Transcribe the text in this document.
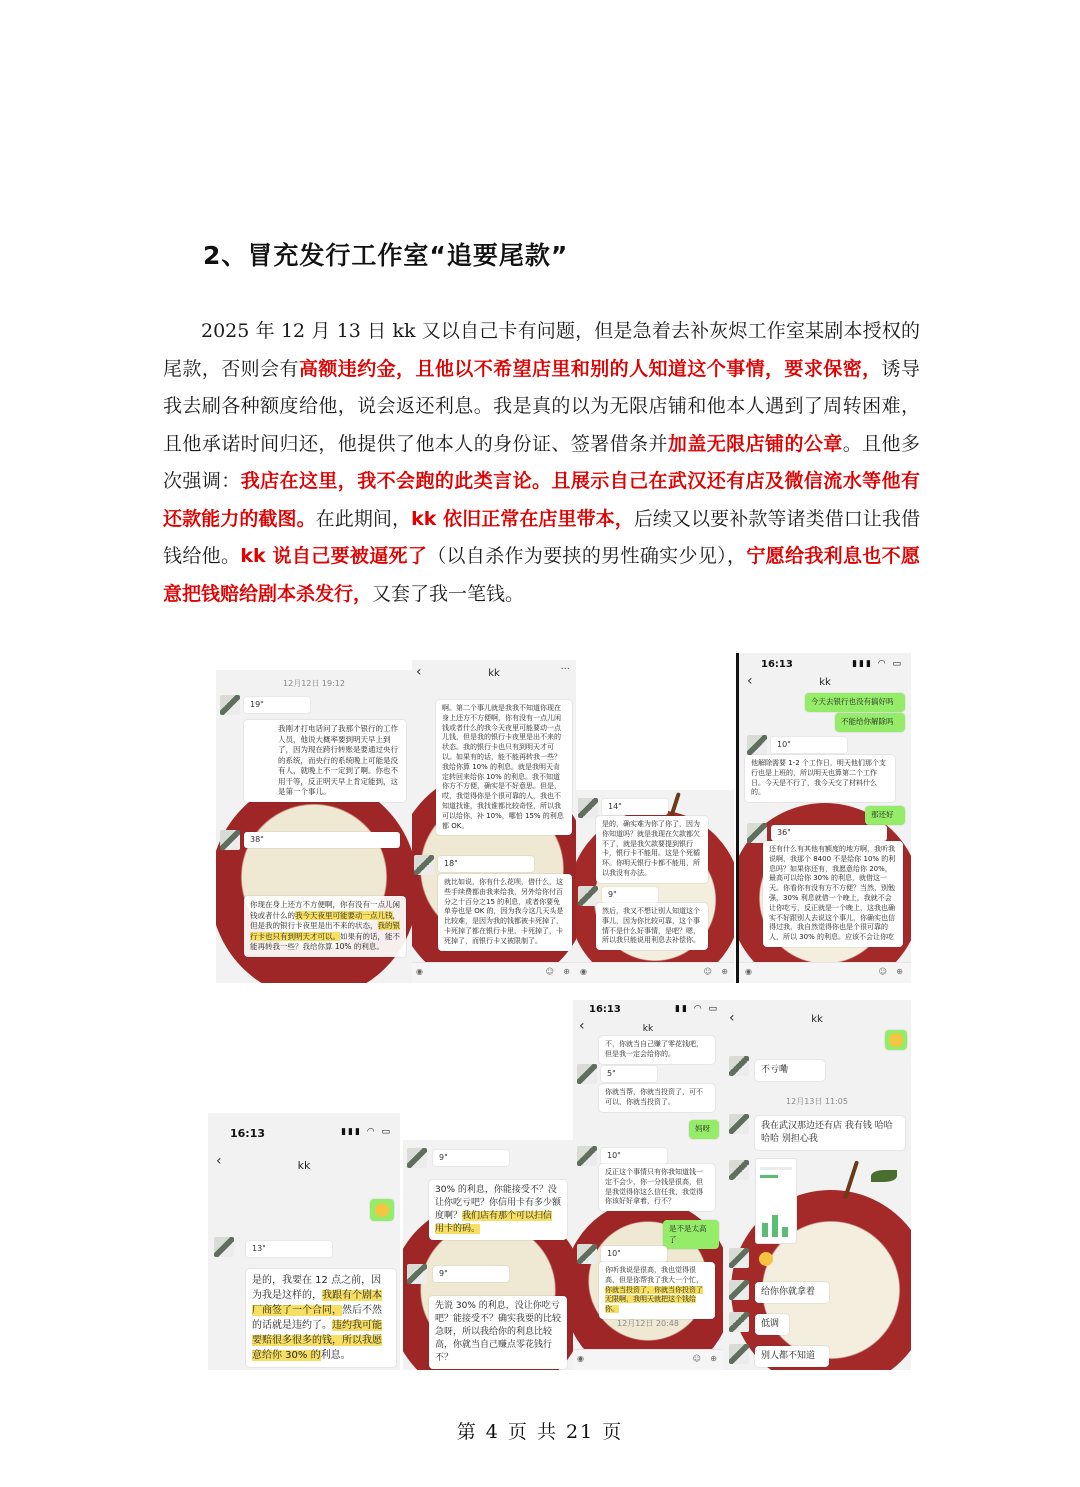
2、冒充发行工作室“追要尾款”

2025 年 12 月 13 日 kk 又以自己卡有问题，但是急着去补灰烬工作室某剧本授权的尾款，否则会有高额违约金，且他以不希望店里和别的人知道这个事情，要求保密，诱导我去刷各种额度给他，说会返还利息。我是真的以为无限店铺和他本人遇到了周转困难，且他承诺时间归还，他提供了他本人的身份证、签署借条并加盖无限店铺的公章。且他多次强调：我店在这里，我不会跑的此类言论。且展示自己在武汉还有店及微信流水等他有还款能力的截图。在此期间，kk 依旧正常在店里带本，后续又以要补款等诸类借口让我借钱给他。kk 说自己要被逼死了（以自杀作为要挟的男性确实少见），宁愿给我利息也不愿意把钱赔给剧本杀发行，又套了我一笔钱。

12月12日 19:12
19"
我刚才打电话问了我那个银行的工作人员，他说大概率要到明天早上到了，因为现在跨行转账是要通过央行的系统，而央行的系统晚上可能是没有人，就晚上不一定到了啊。你也不用干等，反正明天早上肯定能到，这是第一个事儿。
38"
你现在身上还方不方便啊，你有没有一点儿闲钱或者什么的我今天夜里可能要动一点儿钱，但是我的银行卡夜里是出不来的状态，我的银行卡也只有到明天才可以。如果有的话，能不能再转我一些？我给你算 10% 的利息。
‹	kk	···
啊。第二个事儿就是我我不知道你现在身上还方不方便啊，你有没有一点儿闲钱或者什么的我今天夜里可能要动一点儿钱，但是我的银行卡夜里是出不来的状态。我的银行卡也只有到明天才可以。如果有的话，能不能再转我一些？我给你算 10% 的利息。就是我明天肯定转回来给你 10% 的利息。我不知道你方不方便，确实是不好意思。但是，哎，我觉得你是个很可靠的人，我也不知道找谁，我找谁都比较奇怪，所以我可以给你，补 10%，哪怕 15% 的利息都 OK。
18"
就比如说，你有什么花呗，借什么，这些手续费都由我来给我，另外给你付百分之十百分之15 的利息，或者你要免单券也是 OK 的，因为我今这几天头是比较难，是因为我的钱都被卡死掉了，卡死掉了都在银行卡里，卡死掉了，卡死掉了，而银行卡又被限制了。
◉	☺ ⊕
14"
是的，确实难为你了你了，因为你知道吗？就是我现在欠款都欠不了，就是我欠款要提到银行卡，银行卡不能用。这是个死循环。你明天银行卡都不能用，所以我没有办法。
9"
然后，我又不想让别人知道这个事儿，因为你比较可靠，这个事情不是什么好事情，是吧？嗯，所以我只能说用利息去补偿你。
◉	☺ ⊕
16:13	▮▮▮ ◠ ▭
‹	kk
今天去银行也没有搞好吗
不能给你解除吗
10"
他解除需要 1-2 个工作日，明天他们那个支行也是上班的，所以明天也算第二个工作日。今天是不行了，我今天交了材料什么的。
那还好
36"
还有什么有其他有额度的地方啊，我听我说啊，我那个 8400 不是给你 10% 的利息吗？如果你还有，我愿意给你 20%，最高可以给你 30% 的利息，就借这一天。你看你有没有方不方便？当然，别勉强，30% 利息就借一个晚上，我就不会让你吃亏，反正就是一个晚上，这我也确实不好跟别人去说这个事儿，你确实也信得过我，我自然觉得你也是个很可靠的人，所以 30% 的利息。应该不会让你吃
◉	☺ ⊕
16:13	▮▮▮ ◠ ▭
‹	kk
13"
是的，我要在 12 点之前，因为我是这样的，我跟有个剧本厂商签了一个合同，然后不然的话就是违约了。违约我可能要赔很多很多的钱，所以我愿意给你 30% 的利息。
9"
30% 的利息，你能接受不？没让你吃亏吧？你信用卡有多少额度啊？我们店有那个可以扫信用卡的码。
9"
先说 30% 的利息，没让你吃亏吧？能接受不？确实我要的比较急呀，所以我给你的利息比较高，你就当自己赚点零花钱行不？
16:13	▮▮ ◠ ▭
‹	kk
不，你就当自己赚了零花钱吧，但是我一定会给你的。
5"
你就当帮，你就当投资了，可不可以，你就当投资了。
妈呀
10"
反正这个事情只有你我知道钱一定不会少，你一分钱是很高，但是我觉得你这么信任我，我觉得你该好好拿着，行不？
是不是太高了
10"
你听我说是很高，我也觉得很高，但是你帮我了我大一个忙，你就当投资了，你就当你投资了无限啊，我明天就把这个钱给你。
12月12日 20:48
◉	☺ ⊕
‹	kk
不亏嘞
12月13日 11:05
我在武汉那边还有店 我有钱 哈哈哈哈 别担心我
给你你就拿着
低调
别人都不知道
第 4 页 共 21 页
